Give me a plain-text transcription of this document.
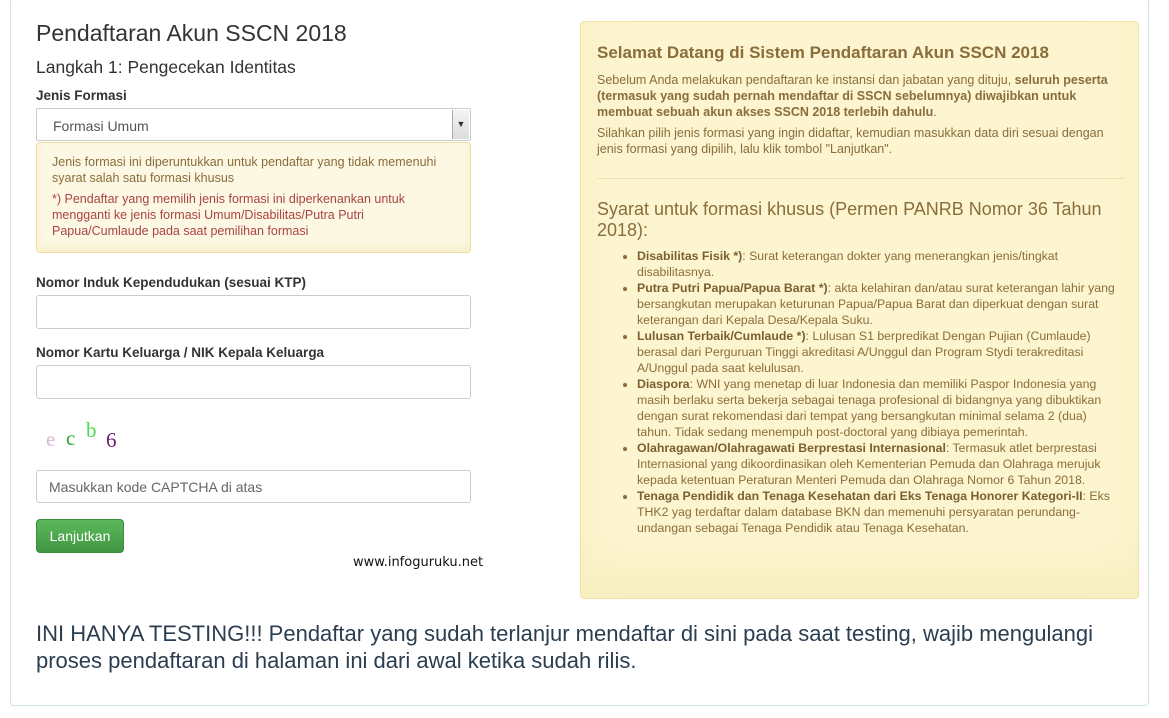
Pendaftaran Akun SSCN 2018
Langkah 1: Pengecekan Identitas
Jenis Formasi
Formasi Umum	▼

Jenis formasi ini diperuntukkan untuk pendaftar yang tidak memenuhi syarat salah satu formasi khusus

*) Pendaftar yang memilih jenis formasi ini diperkenankan untuk mengganti ke jenis formasi Umum/Disabilitas/Putra Putri Papua/Cumlaude pada saat pemilihan formasi

Nomor Induk Kependudukan (sesuai KTP)
Nomor Kartu Keluarga / NIK Kepala Keluarga
e c b 6
Masukkan kode CAPTCHA di atas
Lanjutkan
www.infoguruku.net
Selamat Datang di Sistem Pendaftaran Akun SSCN 2018

Sebelum Anda melakukan pendaftaran ke instansi dan jabatan yang dituju, seluruh peserta (termasuk yang sudah pernah mendaftar di SSCN sebelumnya) diwajibkan untuk membuat sebuah akun akses SSCN 2018 terlebih dahulu.

Silahkan pilih jenis formasi yang ingin didaftar, kemudian masukkan data diri sesuai dengan jenis formasi yang dipilih, lalu klik tombol "Lanjutkan".

Syarat untuk formasi khusus (Permen PANRB Nomor 36 Tahun 2018):
• Disabilitas Fisik *): Surat keterangan dokter yang menerangkan jenis/tingkat disabilitasnya.
• Putra Putri Papua/Papua Barat *): akta kelahiran dan/atau surat keterangan lahir yang bersangkutan merupakan keturunan Papua/Papua Barat dan diperkuat dengan surat keterangan dari Kepala Desa/Kepala Suku.
• Lulusan Terbaik/Cumlaude *): Lulusan S1 berpredikat Dengan Pujian (Cumlaude) berasal dari Perguruan Tinggi akreditasi A/Unggul dan Program Stydi terakreditasi A/Unggul pada saat kelulusan.
• Diaspora: WNI yang menetap di luar Indonesia dan memiliki Paspor Indonesia yang masih berlaku serta bekerja sebagai tenaga profesional di bidangnya yang dibuktikan dengan surat rekomendasi dari tempat yang bersangkutan minimal selama 2 (dua) tahun. Tidak sedang menempuh post-doctoral yang dibiaya pemerintah.
• Olahragawan/Olahragawati Berprestasi Internasional: Termasuk atlet berprestasi Internasional yang dikoordinasikan oleh Kementerian Pemuda dan Olahraga merujuk kepada ketentuan Peraturan Menteri Pemuda dan Olahraga Nomor 6 Tahun 2018.
• Tenaga Pendidik dan Tenaga Kesehatan dari Eks Tenaga Honorer Kategori-II: Eks THK2 yag terdaftar dalam database BKN dan memenuhi persyaratan perundang-undangan sebagai Tenaga Pendidik atau Tenaga Kesehatan.

INI HANYA TESTING!!! Pendaftar yang sudah terlanjur mendaftar di sini pada saat testing, wajib mengulangi proses pendaftaran di halaman ini dari awal ketika sudah rilis.
